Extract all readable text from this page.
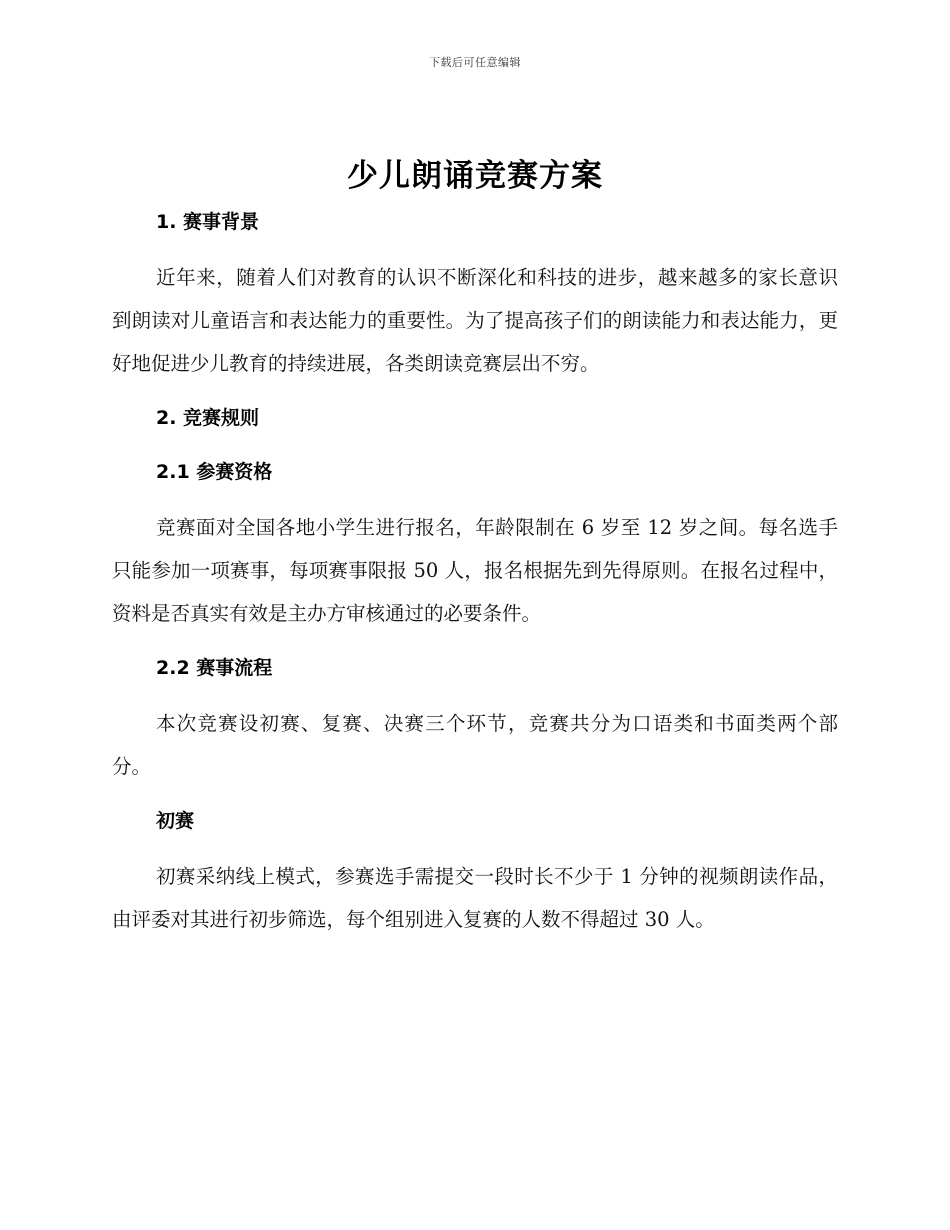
下载后可任意编辑
少儿朗诵竞赛方案
1. 赛事背景

近年来，随着人们对教育的认识不断深化和科技的进步，越来越多的家长意识到朗读对儿童语言和表达能力的重要性。为了提高孩子们的朗读能力和表达能力，更好地促进少儿教育的持续进展，各类朗读竞赛层出不穷。

2. 竞赛规则
2.1 参赛资格

竞赛面对全国各地小学生进行报名，年龄限制在 6 岁至 12 岁之间。每名选手只能参加一项赛事，每项赛事限报 50 人，报名根据先到先得原则。在报名过程中，资料是否真实有效是主办方审核通过的必要条件。

2.2 赛事流程

本次竞赛设初赛、复赛、决赛三个环节，竞赛共分为口语类和书面类两个部分。

初赛

初赛采纳线上模式，参赛选手需提交一段时长不少于 1 分钟的视频朗读作品，由评委对其进行初步筛选，每个组别进入复赛的人数不得超过 30 人。
